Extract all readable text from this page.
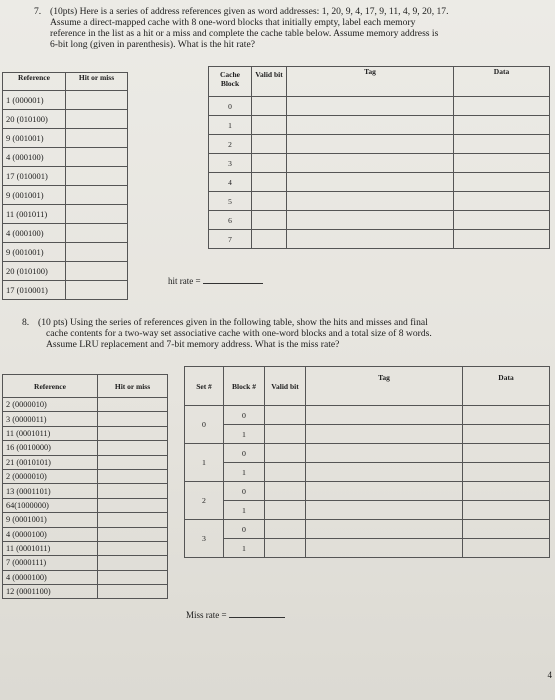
7. (10pts) Here is a series of address references given as word addresses: 1, 20, 9, 4, 17, 9, 11, 4, 9, 20, 17.
Assume a direct-mapped cache with 8 one-word blocks that initially empty, label each memory
reference in the list as a hit or a miss and complete the cache table below. Assume memory address is
6-bit long (given in parenthesis). What is the hit rate?
Reference	Hit or miss
1 (000001)	
20 (010100)	
9 (001001)	
4 (000100)	
17 (010001)	
9 (001001)	
11 (001011)	
4 (000100)	
9 (001001)	
20 (010100)	
17 (010001)	
Cache Block	Valid bit	Tag	Data
0			
1			
2			
3			
4			
5			
6			
7			
hit rate =
8. (10 pts) Using the series of references given in the following table, show the hits and misses and final
cache contents for a two-way set associative cache with one-word blocks and a total size of 8 words.
Assume LRU replacement and 7-bit memory address. What is the miss rate?
Reference	Hit or miss
2 (0000010)	
3 (0000011)	
11 (0001011)	
16 (0010000)	
21 (0010101)	
2 (0000010)	
13 (0001101)	
64(1000000)	
9 (0001001)	
4 (0000100)	
11 (0001011)	
7 (0000111)	
4 (0000100)	
12 (0001100)	
Set #	Block #	Valid bit	Tag	Data
0	0			
	1			
1	0			
	1			
2	0			
	1			
3	0			
	1			
Miss rate =
4
